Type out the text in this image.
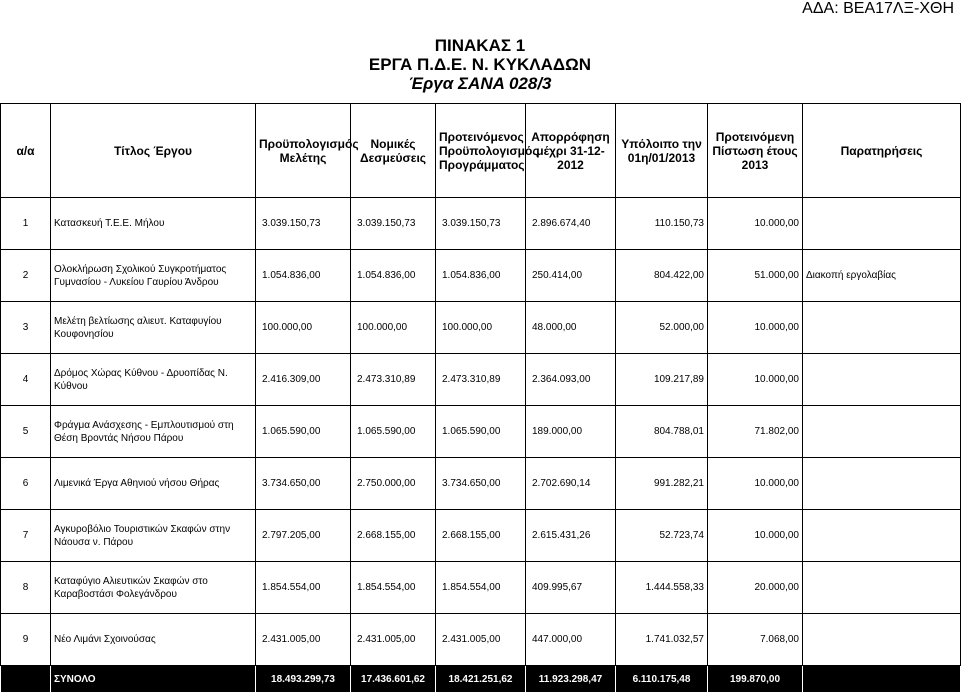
ΑΔΑ: ΒΕΑ17ΛΞ-ΧΘΗ
ΠΙΝΑΚΑΣ 1
ΕΡΓΑ Π.Δ.Ε. Ν. ΚΥΚΛΑΔΩΝ
Έργα ΣΑΝΑ 028/3
α/α	Τίτλος Έργου	Προϋπολογισμός Μελέτης	Νομικές Δεσμεύσεις	Προτεινόμενος Προϋπολογισμός Προγράμματος	Απορρόφηση μέχρι 31-12-2012	Υπόλοιπο την 01η/01/2013	Προτεινόμενη Πίστωση έτους 2013	Παρατηρήσεις
1	Κατασκευή Τ.Ε.Ε. Μήλου	3.039.150,73	3.039.150,73	3.039.150,73	2.896.674,40	110.150,73	10.000,00	
2	Ολοκλήρωση Σχολικού Συγκροτήματος Γυμνασίου - Λυκείου Γαυρίου Άνδρου	1.054.836,00	1.054.836,00	1.054.836,00	250.414,00	804.422,00	51.000,00	Διακοπή εργολαβίας
3	Μελέτη βελτίωσης αλιευτ. Καταφυγίου Κουφονησίου	100.000,00	100.000,00	100.000,00	48.000,00	52.000,00	10.000,00	
4	Δρόμος Χώρας Κύθνου - Δρυοπίδας Ν. Κύθνου	2.416.309,00	2.473.310,89	2.473.310,89	2.364.093,00	109.217,89	10.000,00	
5	Φράγμα Ανάσχεσης - Εμπλουτισμού στη Θέση Βροντάς Νήσου Πάρου	1.065.590,00	1.065.590,00	1.065.590,00	189.000,00	804.788,01	71.802,00	
6	Λιμενικά Έργα Αθηνιού νήσου Θήρας	3.734.650,00	2.750.000,00	3.734.650,00	2.702.690,14	991.282,21	10.000,00	
7	Αγκυροβόλιο Τουριστικών Σκαφών στην Νάουσα ν. Πάρου	2.797.205,00	2.668.155,00	2.668.155,00	2.615.431,26	52.723,74	10.000,00	
8	Καταφύγιο Αλιευτικών Σκαφών στο Καραβοστάσι Φολεγάνδρου	1.854.554,00	1.854.554,00	1.854.554,00	409.995,67	1.444.558,33	20.000,00	
9	Νέο Λιμάνι Σχοινούσας	2.431.005,00	2.431.005,00	2.431.005,00	447.000,00	1.741.032,57	7.068,00	
	ΣΥΝΟΛΟ	18.493.299,73	17.436.601,62	18.421.251,62	11.923.298,47	6.110.175,48	199.870,00	
